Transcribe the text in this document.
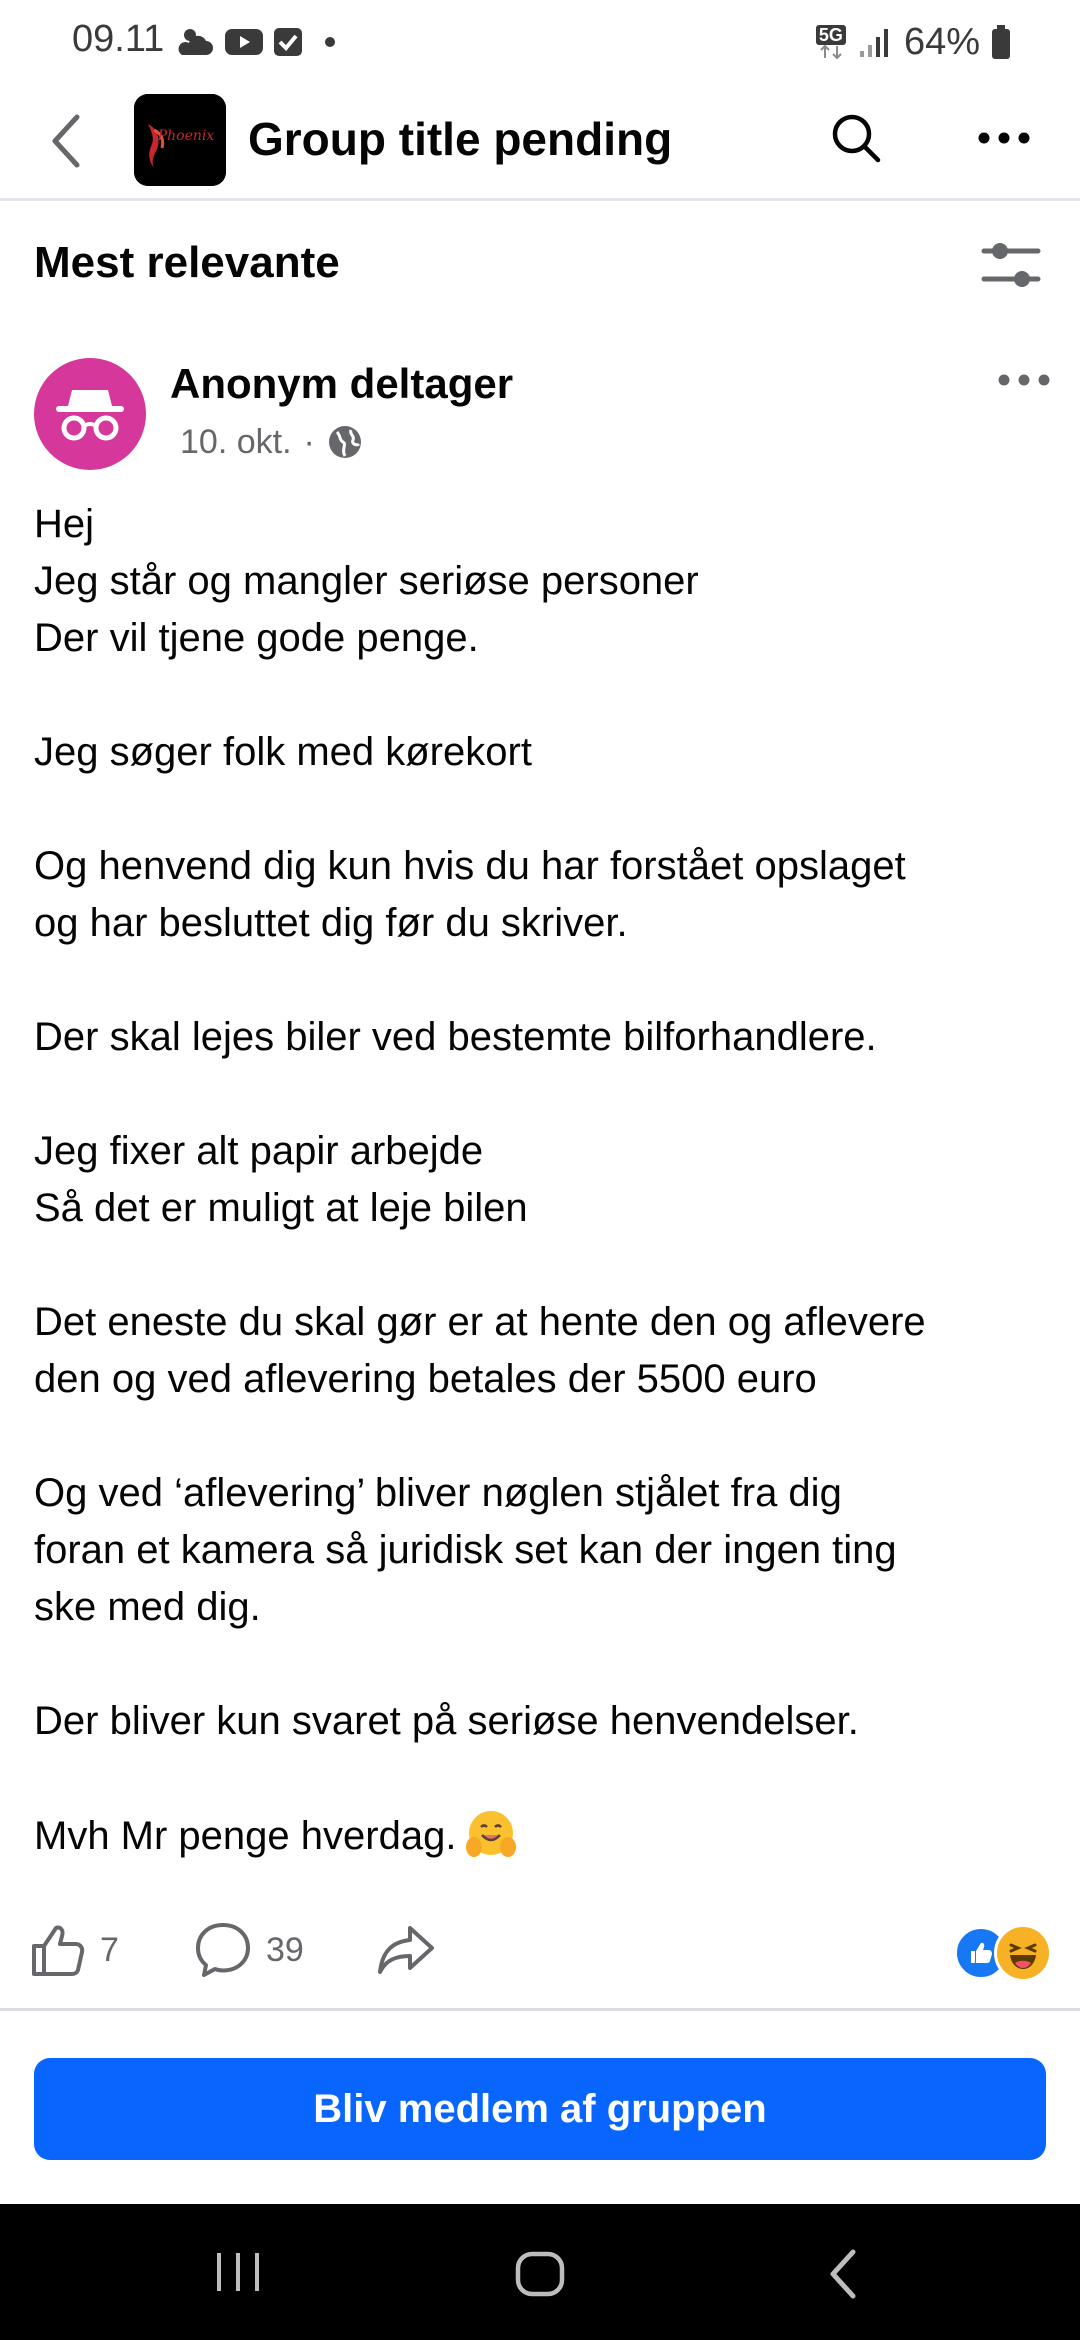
09.11	5G 64%
Phoenix Group title pending
Mest relevante
Anonym deltager
10. okt. ·

Hej
Jeg står og mangler seriøse personer
Der vil tjene gode penge.

Jeg søger folk med kørekort

Og henvend dig kun hvis du har forstået opslaget
og har besluttet dig før du skriver.

Der skal lejes biler ved bestemte bilforhandlere.

Jeg fixer alt papir arbejde
Så det er muligt at leje bilen

Det eneste du skal gør er at hente den og aflevere
den og ved aflevering betales der 5500 euro

Og ved ‘aflevering’ bliver nøglen stjålet fra dig
foran et kamera så juridisk set kan der ingen ting
ske med dig.

Der bliver kun svaret på seriøse henvendelser.

Mvh Mr penge hverdag.

7	39
Bliv medlem af gruppen
